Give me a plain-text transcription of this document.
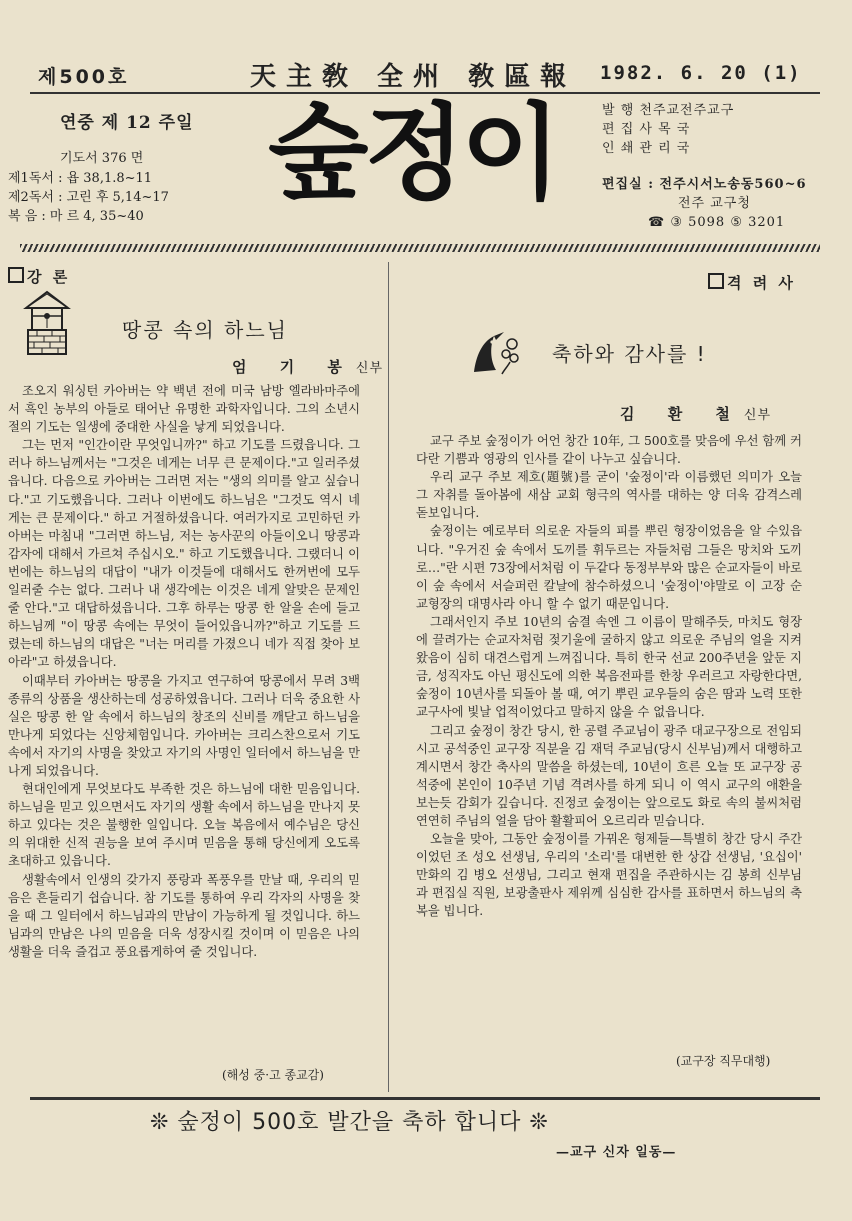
제500호	天主敎 全州 敎區報 1982. 6. 20 (1)
연중 제 12 주일
기도서 376 면
제1독서 : 욥 38,1.8~11
제2독서 : 고린 후 5,14~17
복 음 : 마 르 4, 35~40
숲정이	발 행 천주교전주교구
편 집 사 목 국
인 쇄 관 리 국
편집실 : 전주시서노송동560~6
전주 교구청
☎ ③ 5098 ⑤ 3201
강 론
땅콩 속의 하느님
엄 기 봉신부

조오지 워싱턴 카아버는 약 백년 전에 미국 남방 엘라바마주에서 흑인 농부의 아들로 태어난 유명한 과학자입니다. 그의 소년시절의 기도는 일생에 중대한 사실을 낳게 되었읍니다.

그는 먼저 "인간이란 무엇입니까?" 하고 기도를 드렸읍니다. 그러나 하느님께서는 "그것은 네게는 너무 큰 문제이다."고 일러주셨읍니다. 다음으로 카아버는 그러면 저는 "생의 의미를 알고 싶습니다."고 기도했읍니다. 그러나 이번에도 하느님은 "그것도 역시 네게는 큰 문제이다." 하고 거절하셨읍니다. 여러가지로 고민하던 카아버는 마침내 "그러면 하느님, 저는 농사꾼의 아들이오니 땅콩과 감자에 대해서 가르쳐 주십시오." 하고 기도했읍니다. 그랬더니 이번에는 하느님의 대답이 "내가 이것들에 대해서도 한꺼번에 모두 일러줄 수는 없다. 그러나 내 생각에는 이것은 네게 알맞은 문제인 줄 안다."고 대답하셨읍니다. 그후 하루는 땅콩 한 알을 손에 들고 하느님께 "이 땅콩 속에는 무엇이 들어있읍니까?"하고 기도를 드렸는데 하느님의 대답은 "너는 머리를 가졌으니 네가 직접 찾아 보아라"고 하셨읍니다.

이때부터 카아버는 땅콩을 가지고 연구하여 땅콩에서 무려 3백 종류의 상품을 생산하는데 성공하였읍니다. 그러나 더욱 중요한 사실은 땅콩 한 알 속에서 하느님의 창조의 신비를 깨닫고 하느님을 만나게 되었다는 신앙체험입니다. 카아버는 크리스찬으로서 기도 속에서 자기의 사명을 찾았고 자기의 사명인 일터에서 하느님을 만나게 되었읍니다.

현대인에게 무엇보다도 부족한 것은 하느님에 대한 믿음입니다. 하느님을 믿고 있으면서도 자기의 생활 속에서 하느님을 만나지 못하고 있다는 것은 불행한 일입니다. 오늘 복음에서 예수님은 당신의 위대한 신적 권능을 보여 주시며 믿음을 통해 당신에게 오도록 초대하고 있읍니다.

생활속에서 인생의 갖가지 풍랑과 폭풍우를 만날 때, 우리의 믿음은 흔들리기 쉽습니다. 참 기도를 통하여 우리 각자의 사명을 찾을 때 그 일터에서 하느님과의 만남이 가능하게 될 것입니다. 하느님과의 만남은 나의 믿음을 더욱 성장시킬 것이며 이 믿음은 나의 생활을 더욱 즐겁고 풍요롭게하여 줄 것입니다.

(해성 중·고 종교감)
격 려 사
축하와 감사를 !
김 환 철신부

교구 주보 숲정이가 어언 창간 10年, 그 500호를 맞음에 우선 함께 커다란 기쁨과 영광의 인사를 같이 나누고 싶습니다.

우리 교구 주보 제호(題號)를 굳이 '숲정이'라 이름했던 의미가 오늘 그 자취를 돌아봄에 새삼 교회 형극의 역사를 대하는 양 더욱 감격스레 돋보입니다.

숲정이는 예로부터 의로운 자들의 피를 뿌린 형장이었음을 알 수있읍니다. "우거진 숲 속에서 도끼를 휘두르는 자들처럼 그들은 망치와 도끼로…"란 시편 73장에서처럼 이 두같다 동정부부와 많은 순교자들이 바로 이 숲 속에서 서슬퍼런 칼날에 참수하셨으니 '숲정이'야말로 이 고장 순교형장의 대명사라 아니 할 수 없기 때문입니다.

그래서인지 주보 10년의 숨결 속엔 그 이름이 말해주듯, 마치도 형장에 끌려가는 순교자처럼 젖기울에 굴하지 않고 의로운 주님의 얼을 지켜왔음이 심히 대견스럽게 느껴집니다. 특히 한국 선교 200주년을 앞둔 지금, 성직자도 아닌 평신도에 의한 복음전파를 한창 우러르고 자랑한다면, 숲정이 10년사를 되돌아 볼 때, 여기 뿌린 교우들의 숨은 땀과 노력 또한 교구사에 빛날 업적이었다고 말하지 않을 수 없읍니다.

그리고 숲정이 창간 당시, 한 공렬 주교님이 광주 대교구장으로 전임되시고 공석중인 교구장 직분을 김 재덕 주교님(당시 신부님)께서 대행하고 계시면서 창간 축사의 말씀을 하셨는데, 10년이 흐른 오늘 또 교구장 공석중에 본인이 10주년 기념 격려사를 하게 되니 이 역시 교구의 애환을 보는듯 감회가 깊습니다. 진정코 숲정이는 앞으로도 화로 속의 불씨처럼 연연히 주님의 얼을 담아 활활피어 오르리라 믿습니다.

오늘을 맞아, 그동안 숲정이를 가꿔온 형제들—특별히 창간 당시 주간이었던 조 성오 선생님, 우리의 '소리'를 대변한 한 상갑 선생님, '요십이' 만화의 김 병오 선생님, 그리고 현재 편집을 주관하시는 김 봉희 신부님과 편집실 직원, 보광출판사 제위께 심심한 감사를 표하면서 하느님의 축복을 빕니다.

(교구장 직무대행)
❊ 숲정이 500호 발간을 축하 합니다 ❊
—교구 신자 일동—
